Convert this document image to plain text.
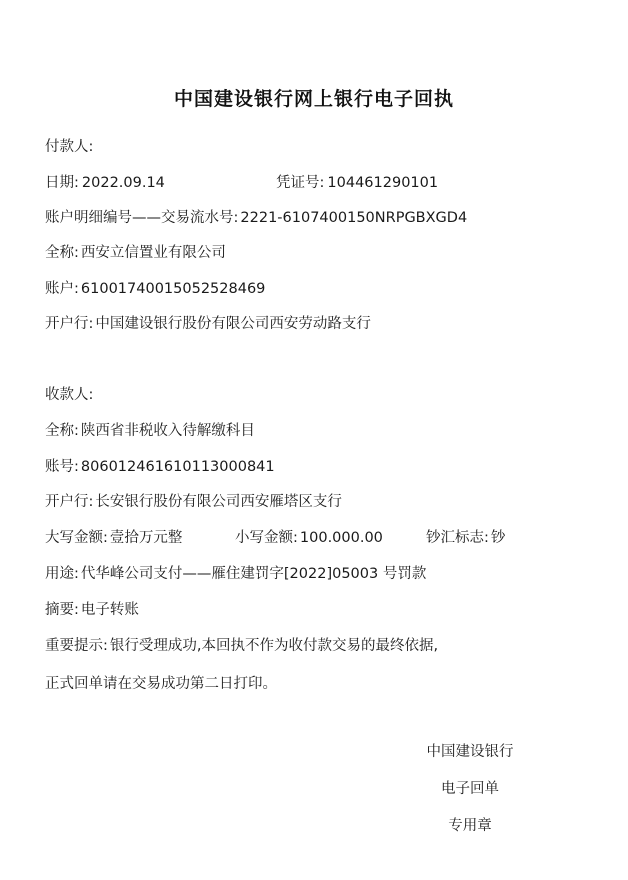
中国建设银行网上银行电子回执
付款人:
日期: 2022.09.14	凭证号: 104461290101
账户明细编号——交易流水号: 2221-6107400150NRPGBXGD4
全称: 西安立信置业有限公司
账户: 61001740015052528469
开户行: 中国建设银行股份有限公司西安劳动路支行
收款人:
全称: 陕西省非税收入待解缴科目
账号: 806012461610113000841
开户行: 长安银行股份有限公司西安雁塔区支行
大写金额: 壹拾万元整	小写金额: 100.000.00	钞汇标志: 钞
用途: 代华峰公司支付——雁住建罚字[2022]05003 号罚款
摘要: 电子转账
重要提示: 银行受理成功,本回执不作为收付款交易的最终依据,
正式回单请在交易成功第二日打印。
中国建设银行
电子回单
专用章
